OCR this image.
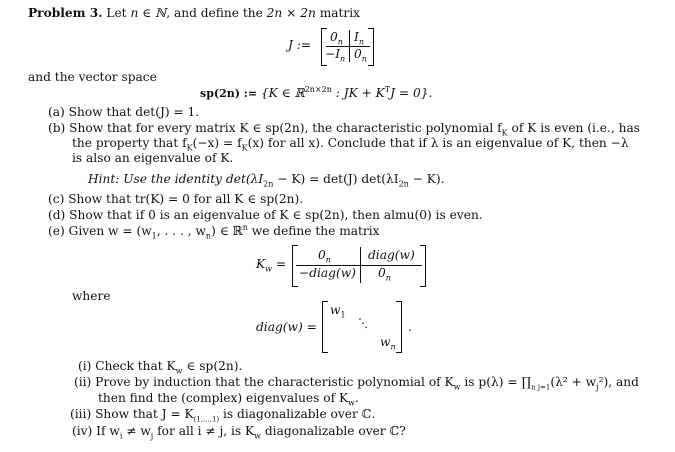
Problem 3. Let n ∈ ℕ, and define the 2n × 2n matrix
J :=
$0_n$ $I_n$
$-I_n$ $0_n$
and the vector space
sp(2n) := {K ∈ ℝ$^{2n\times 2n}$ : JK + $K^TJ = 0$}.
(a) Show that det(J) = 1.
(b) Show that for every matrix K ∈ sp(2n), the characteristic polynomial $f_K$ of K is even (i.e., has
the property that $f_K(-x) = f_K(x)$ for all x). Conclude that if λ is an eigenvalue of K, then −λ
is also an eigenvalue of K.
Hint: Use the identity $\det(\lambda I_{2n} - K) = \det(J) \det(\lambda I_{2n} - K)$.
(c) Show that tr(K) = 0 for all K ∈ sp(2n).
(d) Show that if 0 is an eigenvalue of K ∈ sp(2n), then almu(0) is even.
(e) Given $w = (w_1$, . . . , $w_n$) ∈ ℝ$^n$ we define the matrix
$K_w$ =
$0_n$	diag(w)
−diag(w) $0_n$
where
diag(w) =
$w_1$
⋱
$w_n$
.
(i) Check that $K_w$ ∈ sp(2n).
(ii) Prove by induction that the characteristic polynomial of $K_w$ is $p(\lambda) = \prod_{n j=1}(\lambda^2 + w_j^2)$, and
then find the (complex) eigenvalues of $K_w$.
(iii) Show that $J = K_{(1,...,1)}$ is diagonalizable over ℂ.
(iv) If $w_i \ne w_j$ for all i ≠ j, is $K_w$ diagonalizable over ℂ?
